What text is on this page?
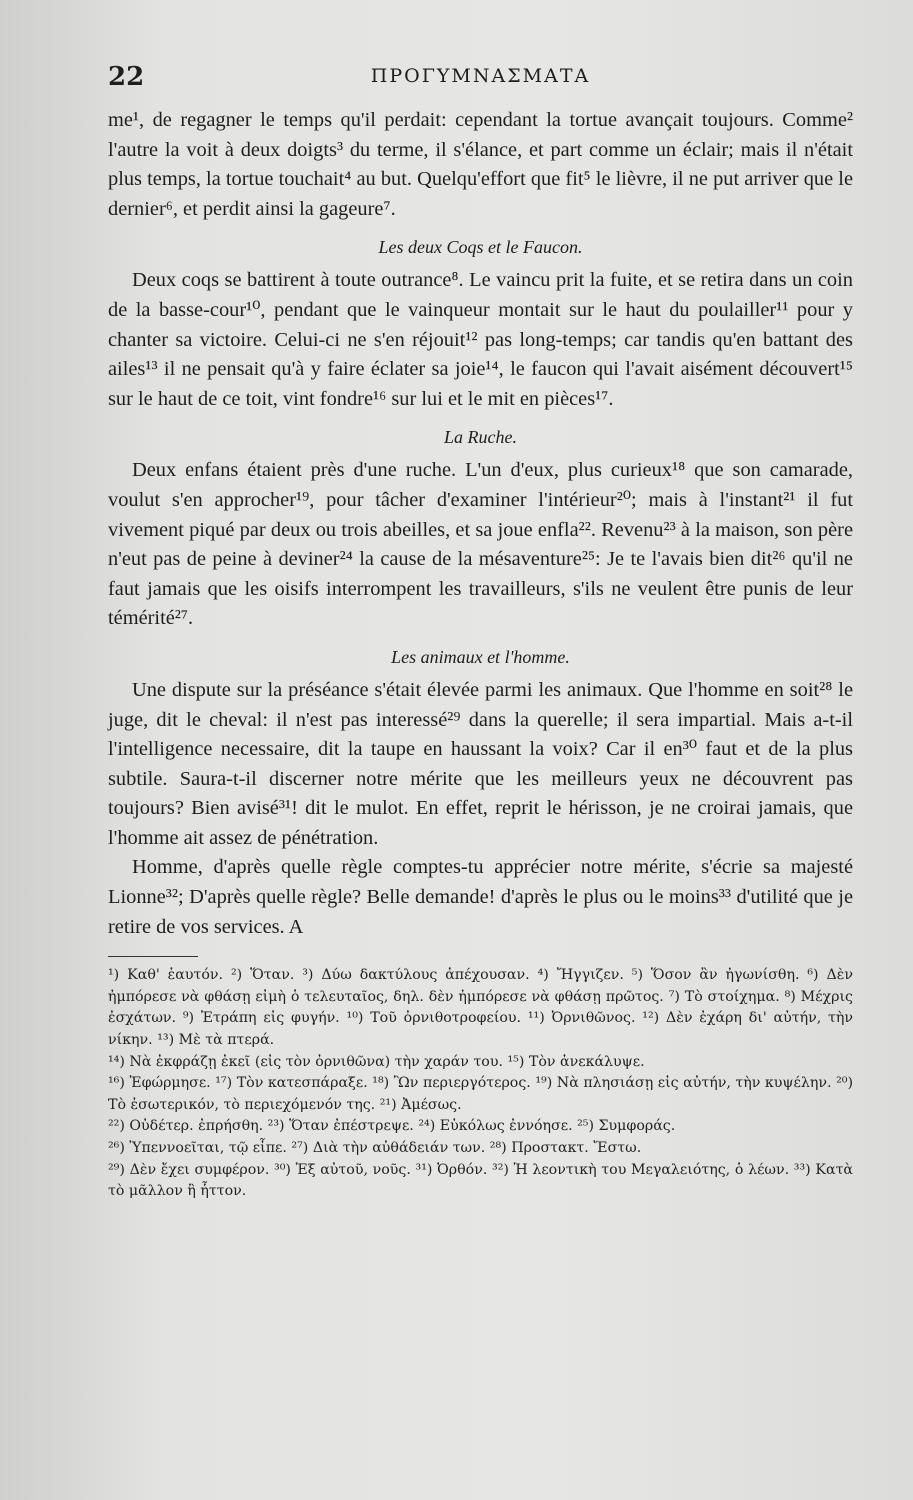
22	ΠΡΟΓΥΜΝΑΣΜΑΤΑ

me¹, de regagner le temps qu'il perdait: cependant la tortue avançait toujours. Comme² l'autre la voit à deux doigts³ du terme, il s'élance, et part comme un éclair; mais il n'était plus temps, la tortue touchait⁴ au but. Quelqu'effort que fit⁵ le lièvre, il ne put arriver que le dernier⁶, et perdit ainsi la gageure⁷.

Les deux Coqs et le Faucon.

Deux coqs se battirent à toute outrance⁸. Le vaincu prit la fuite, et se retira dans un coin de la basse-cour¹⁰, pendant que le vainqueur montait sur le haut du poulailler¹¹ pour y chanter sa victoire. Celui-ci ne s'en réjouit¹² pas long-temps; car tandis qu'en battant des ailes¹³ il ne pensait qu'à y faire éclater sa joie¹⁴, le faucon qui l'avait aisément découvert¹⁵ sur le haut de ce toit, vint fondre¹⁶ sur lui et le mit en pièces¹⁷.

La Ruche.

Deux enfans étaient près d'une ruche. L'un d'eux, plus curieux¹⁸ que son camarade, voulut s'en approcher¹⁹, pour tâcher d'examiner l'intérieur²⁰; mais à l'instant²¹ il fut vivement piqué par deux ou trois abeilles, et sa joue enfla²². Revenu²³ à la maison, son père n'eut pas de peine à deviner²⁴ la cause de la mésaventure²⁵: Je te l'avais bien dit²⁶ qu'il ne faut jamais que les oisifs interrompent les travailleurs, s'ils ne veulent être punis de leur témérité²⁷.

Les animaux et l'homme.

Une dispute sur la préséance s'était élevée parmi les animaux. Que l'homme en soit²⁸ le juge, dit le cheval: il n'est pas interessé²⁹ dans la querelle; il sera impartial. Mais a-t-il l'intelligence necessaire, dit la taupe en haussant la voix? Car il en³⁰ faut et de la plus subtile. Saura-t-il discerner notre mérite que les meilleurs yeux ne découvrent pas toujours? Bien avisé³¹! dit le mulot. En effet, reprit le hérisson, je ne croirai jamais, que l'homme ait assez de pénétration.

Homme, d'après quelle règle comptes-tu apprécier notre mérite, s'écrie sa majesté Lionne³²; D'après quelle règle? Belle demande! d'après le plus ou le moins³³ d'utilité que je retire de vos services. A

¹) Καθ' ἑαυτόν. ²) Ὅταν. ³) Δύω δακτύλους ἀπέχουσαν. ⁴) Ἤγγιζεν. ⁵) Ὅσον ἂν ἠγωνίσθη. ⁶) Δὲν ἠμπόρεσε νὰ φθάσῃ εἰμὴ ὁ τελευταῖος, δηλ. δὲν ἠμπόρεσε νὰ φθάσῃ πρῶτος. ⁷) Τὸ στοίχημα. ⁸) Μέχρις ἐσχάτων. ⁹) Ἐτράπη εἰς φυγήν. ¹⁰) Τοῦ ὀρνιθοτροφείου. ¹¹) Ὀρνιθῶνος. ¹²) Δὲν ἐχάρη δι' αὐτήν, τὴν νίκην. ¹³) Μὲ τὰ πτερά.

¹⁴) Νὰ ἐκφράζῃ ἐκεῖ (εἰς τὸν ὀρνιθῶνα) τὴν χαράν του. ¹⁵) Τὸν ἀνεκάλυψε.

¹⁶) Ἐφώρμησε. ¹⁷) Τὸν κατεσπάραξε. ¹⁸) Ὢν περιεργότερος. ¹⁹) Νὰ πλησιάσῃ εἰς αὐτήν, τὴν κυψέλην. ²⁰) Τὸ ἐσωτερικόν, τὸ περιεχόμενόν της. ²¹) Ἀμέσως.

²²) Οὐδέτερ. ἐπρήσθη. ²³) Ὅταν ἐπέστρεψε. ²⁴) Εὐκόλως ἐννόησε. ²⁵) Συμφοράς.

²⁶) Ὑπεννοεῖται, τῷ εἶπε. ²⁷) Διὰ τὴν αὐθάδειάν των. ²⁸) Προστακτ. Ἔστω.

²⁹) Δὲν ἔχει συμφέρον. ³⁰) Ἐξ αὐτοῦ, νοῦς. ³¹) Ὀρθόν. ³²) Ἡ λεοντικὴ του Μεγαλειότης, ὁ λέων. ³³) Κατὰ τὸ μᾶλλον ἢ ἧττον.
